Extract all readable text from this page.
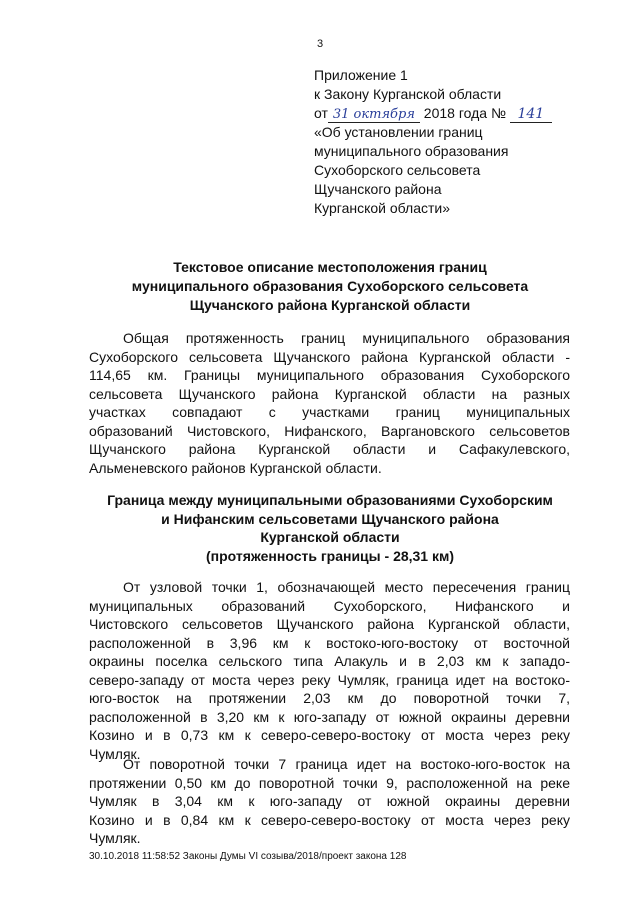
3
Приложение 1
к Закону Курганской области
от 31 октября 2018 года № 141
«Об установлении границ
муниципального образования
Сухоборского сельсовета
Щучанского района
Курганской области»
Текстовое описание местоположения границ
муниципального образования Сухоборского сельсовета
Щучанского района Курганской области
Общая протяженность границ муниципального образования
Сухоборского сельсовета Щучанского района Курганской области -
114,65 км. Границы муниципального образования Сухоборского
сельсовета Щучанского района Курганской области на разных
участках совпадают с участками границ муниципальных
образований Чистовского, Нифанского, Варгановского сельсоветов
Щучанского района Курганской области и Сафакулевского,
Альменевского районов Курганской области.
Граница между муниципальными образованиями Сухоборским
и Нифанским сельсоветами Щучанского района
Курганской области
(протяженность границы - 28,31 км)
От узловой точки 1, обозначающей место пересечения границ
муниципальных образований Сухоборского, Нифанского и
Чистовского сельсоветов Щучанского района Курганской области,
расположенной в 3,96 км к востоко-юго-востоку от восточной
окраины поселка сельского типа Алакуль и в 2,03 км к западо-
северо-западу от моста через реку Чумляк, граница идет на востоко-
юго-восток на протяжении 2,03 км до поворотной точки 7,
расположенной в 3,20 км к юго-западу от южной окраины деревни
Козино и в 0,73 км к северо-северо-востоку от моста через реку
Чумляк.
От поворотной точки 7 граница идет на востоко-юго-восток на
протяжении 0,50 км до поворотной точки 9, расположенной на реке
Чумляк в 3,04 км к юго-западу от южной окраины деревни
Козино и в 0,84 км к северо-северо-востоку от моста через реку
Чумляк.
30.10.2018 11:58:52 Законы Думы VI созыва/2018/проект закона 128
